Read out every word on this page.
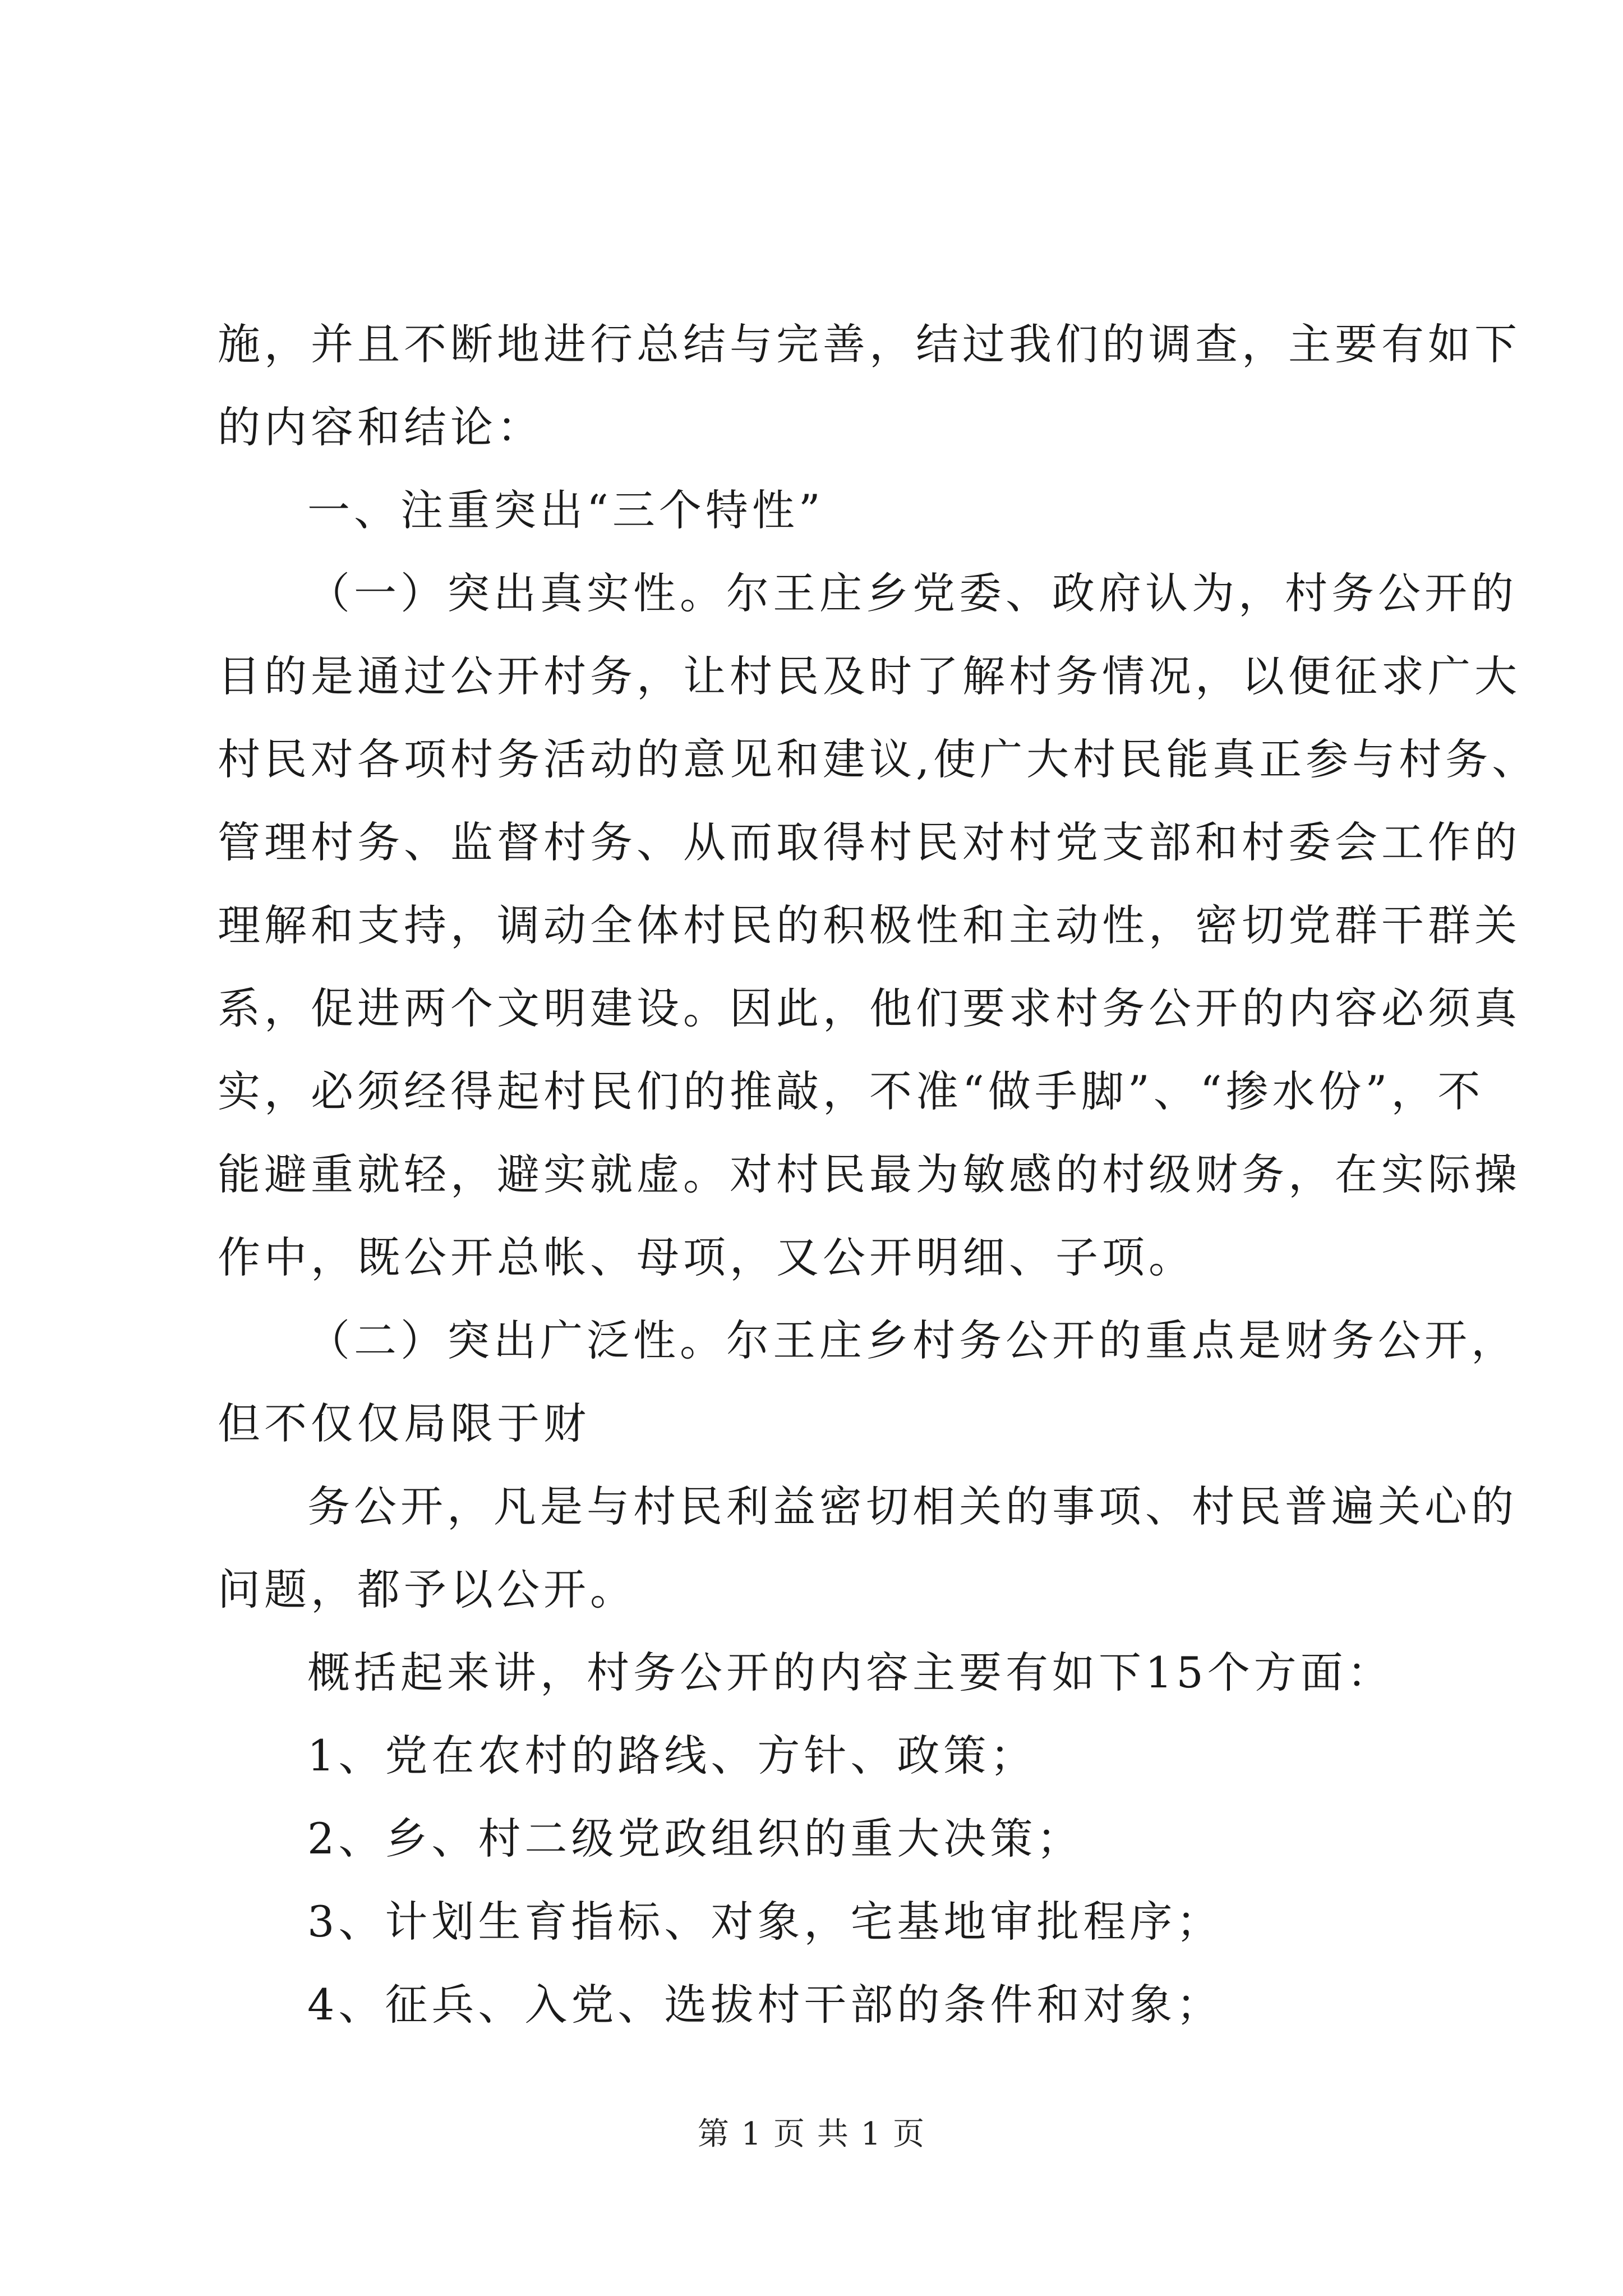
施，并且不断地进行总结与完善，结过我们的调查，主要有如下
的内容和结论：
一、注重突出“三个特性”
（一）突出真实性。尔王庄乡党委、政府认为，村务公开的
目的是通过公开村务，让村民及时了解村务情况，以便征求广大
村民对各项村务活动的意见和建议,使广大村民能真正参与村务、
管理村务、监督村务、从而取得村民对村党支部和村委会工作的
理解和支持，调动全体村民的积极性和主动性，密切党群干群关
系，促进两个文明建设。因此，他们要求村务公开的内容必须真
实，必须经得起村民们的推敲，不准“做手脚”、“掺水份”，不
能避重就轻，避实就虚。对村民最为敏感的村级财务，在实际操
作中，既公开总帐、母项，又公开明细、子项。
（二）突出广泛性。尔王庄乡村务公开的重点是财务公开，
但不仅仅局限于财
务公开，凡是与村民利益密切相关的事项、村民普遍关心的
问题，都予以公开。
概括起来讲，村务公开的内容主要有如下15个方面：
1、党在农村的路线、方针、政策；
2、乡、村二级党政组织的重大决策；
3、计划生育指标、对象，宅基地审批程序；
4、征兵、入党、选拔村干部的条件和对象；
第 1 页 共 1 页
